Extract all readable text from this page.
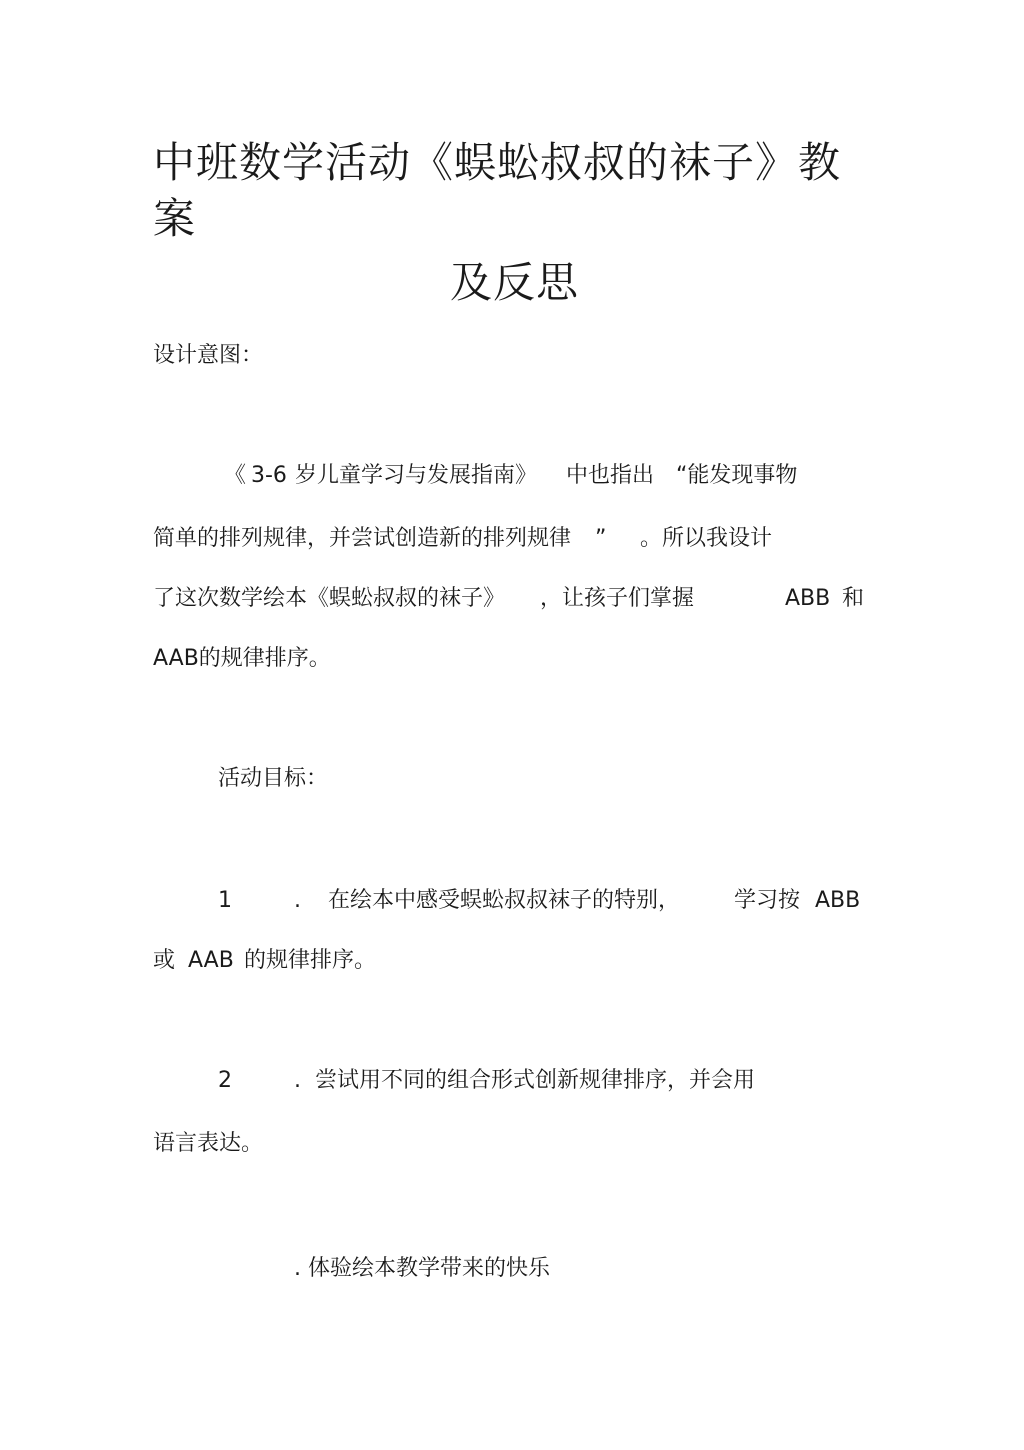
中班数学活动《蜈蚣叔叔的袜子》教
案
及反思

设计意图：

《 3-6 岁儿童学习与发展指南》 中也指出 “能发现事物
简单的排列规律，并尝试创造新的排列规律 ” 。所以我设计
了这次数学绘本《蜈蚣叔叔的袜子》 ，让孩子们掌握	ABB 和
AAB的规律排序。

活动目标：

1	. 在绘本中感受蜈蚣叔叔袜子的特别， 学习按 ABB
或 AAB 的规律排序。
2	. 尝试用不同的组合形式创新规律排序，并会用
语言表达。
. 体验绘本教学带来的快乐
